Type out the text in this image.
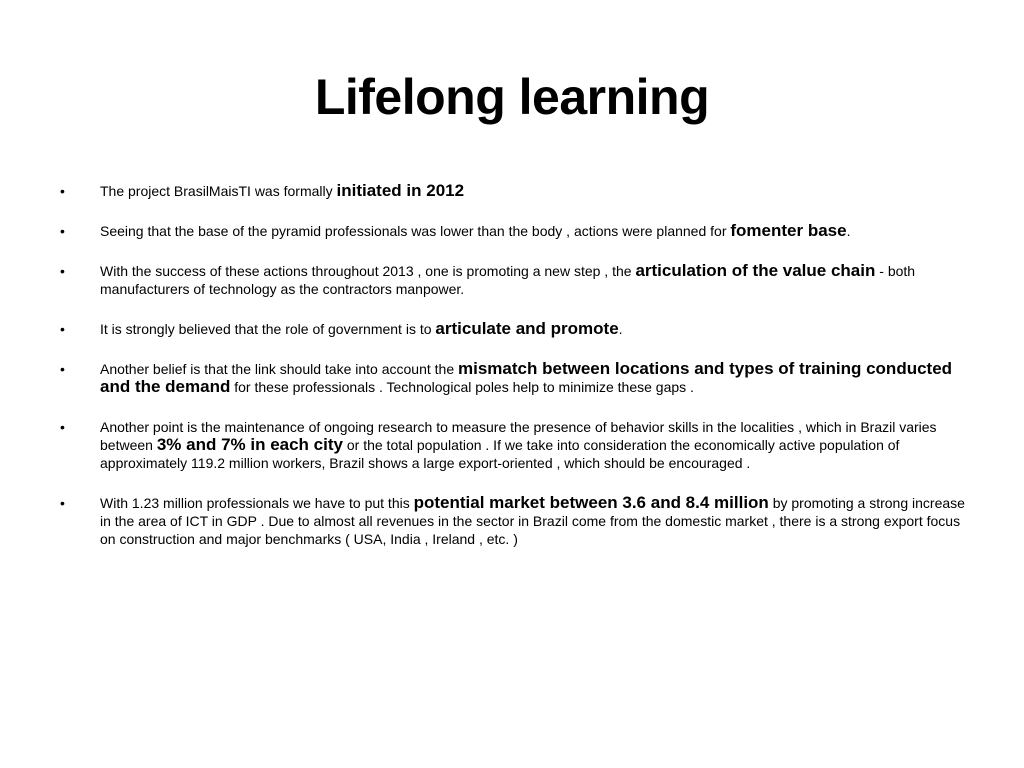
Lifelong learning
•	The project BrasilMaisTI was formally initiated in 2012
•	Seeing that the base of the pyramid professionals was lower than the body , actions were planned for fomenter base.
•	With the success of these actions throughout 2013 , one is promoting a new step , the articulation of the value chain - both manufacturers of technology as the contractors manpower.
•	It is strongly believed that the role of government is to articulate and promote.
•	Another belief is that the link should take into account the mismatch between locations and types of training conducted and the demand for these professionals . Technological poles help to minimize these gaps .
•	Another point is the maintenance of ongoing research to measure the presence of behavior skills in the localities , which in Brazil varies between 3% and 7% in each city or the total population . If we take into consideration the economically active population of approximately 119.2 million workers, Brazil shows a large export-oriented , which should be encouraged .
•	With 1.23 million professionals we have to put this potential market between 3.6 and 8.4 million by promoting a strong increase in the area of ICT in GDP . Due to almost all revenues in the sector in Brazil come from the domestic market , there is a strong export focus on construction and major benchmarks ( USA, India , Ireland , etc. )
